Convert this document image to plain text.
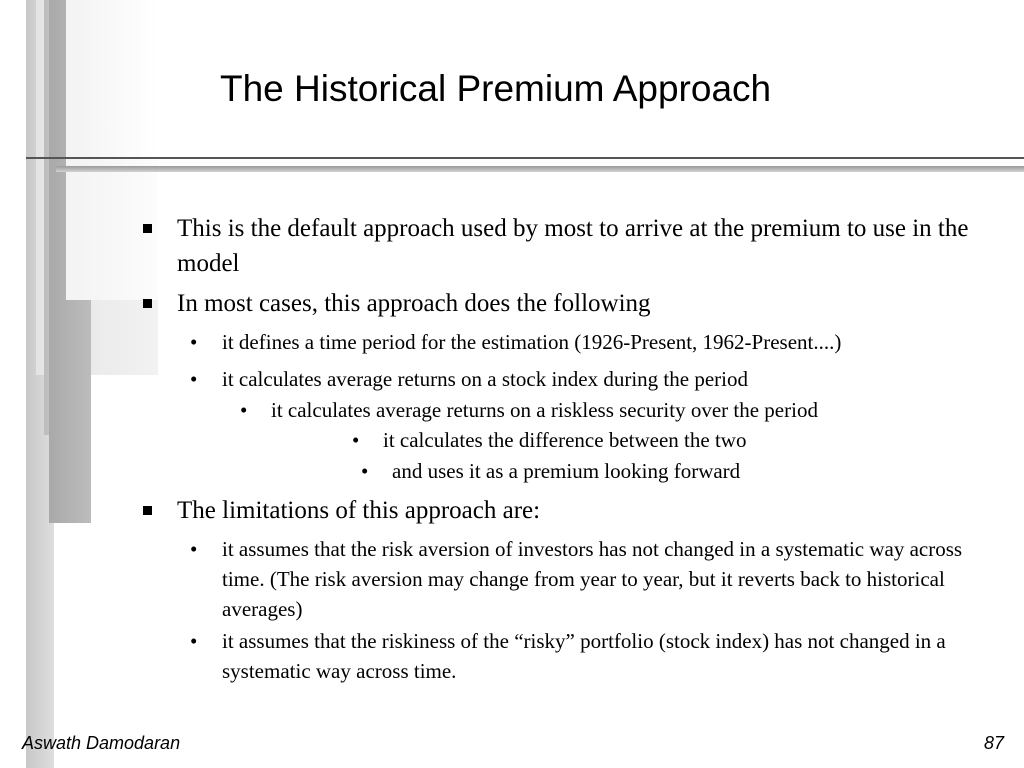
The Historical Premium Approach
This is the default approach used by most to arrive at the premium to use in the model
In most cases, this approach does the following
• it defines a time period for the estimation (1926-Present, 1962-Present....)
• it calculates average returns on a stock index during the period
• it calculates average returns on a riskless security over the period
• it calculates the difference between the two
• and uses it as a premium looking forward
The limitations of this approach are:
• it assumes that the risk aversion of investors has not changed in a systematic way across time. (The risk aversion may change from year to year, but it reverts back to historical averages)
• it assumes that the riskiness of the “risky” portfolio (stock index) has not changed in a systematic way across time.
Aswath Damodaran	87
